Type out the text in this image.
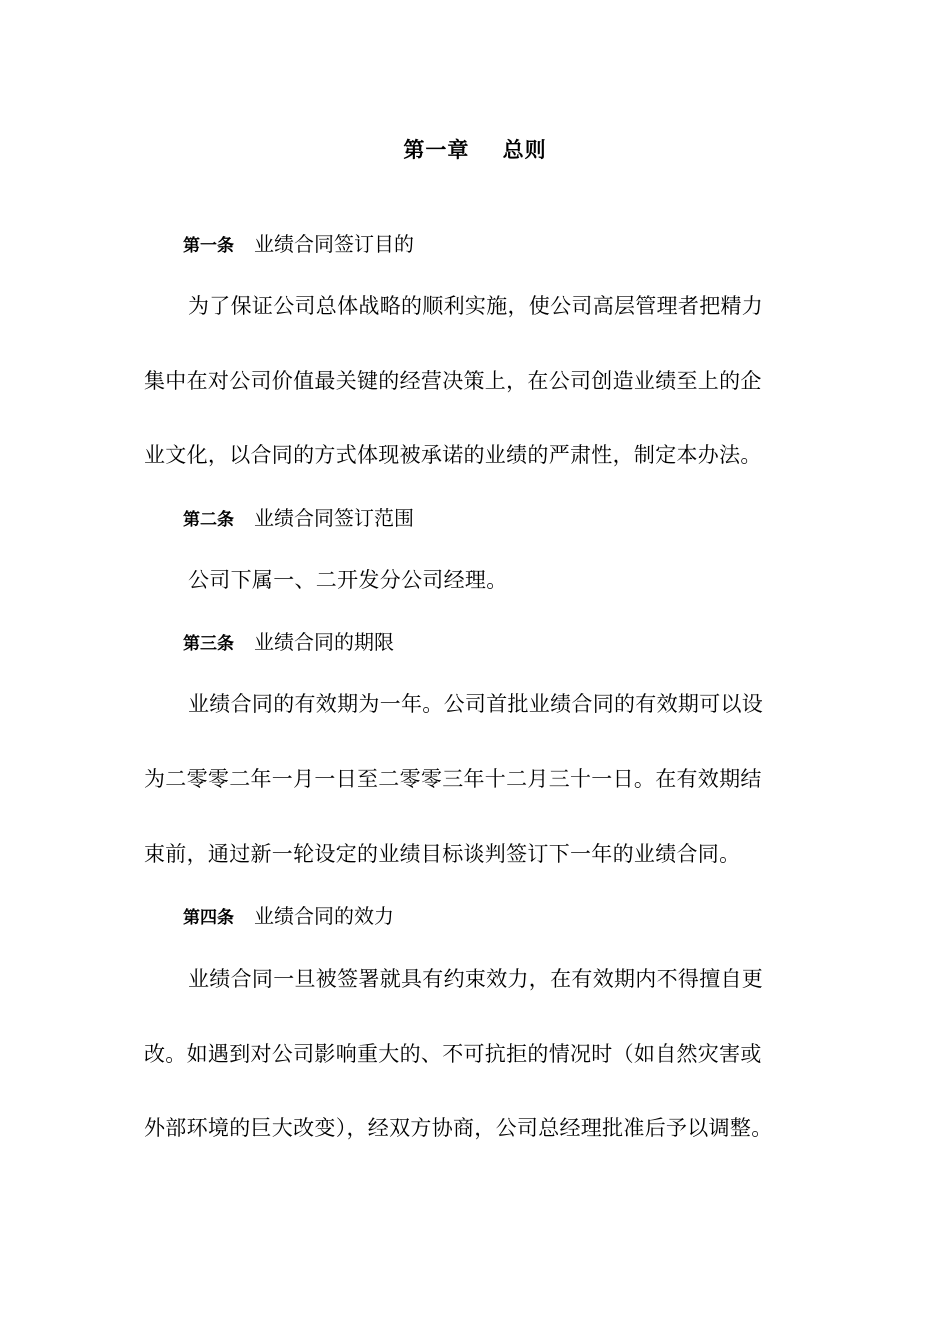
第一章    总则
第一条 业绩合同签订目的
为了保证公司总体战略的顺利实施，使公司高层管理者把精力
集中在对公司价值最关键的经营决策上，在公司创造业绩至上的企
业文化，以合同的方式体现被承诺的业绩的严肃性，制定本办法。
第二条 业绩合同签订范围
公司下属一、二开发分公司经理。
第三条 业绩合同的期限
业绩合同的有效期为一年。公司首批业绩合同的有效期可以设
为二零零二年一月一日至二零零三年十二月三十一日。在有效期结
束前，通过新一轮设定的业绩目标谈判签订下一年的业绩合同。
第四条 业绩合同的效力
业绩合同一旦被签署就具有约束效力，在有效期内不得擅自更
改。如遇到对公司影响重大的、不可抗拒的情况时（如自然灾害或
外部环境的巨大改变），经双方协商，公司总经理批准后予以调整。
